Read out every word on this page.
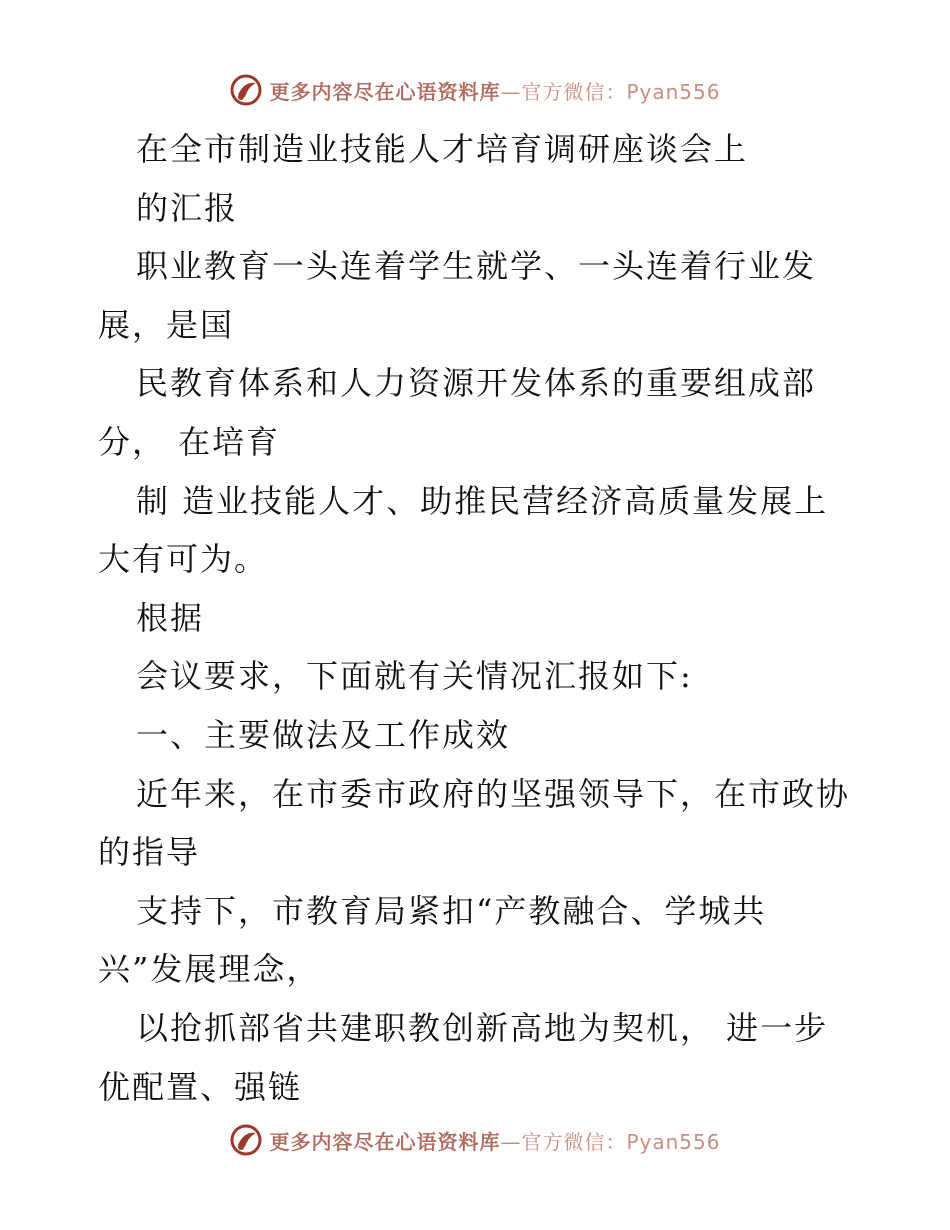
更多内容尽在心语资料库—官方微信：Pyan556
在全市制造业技能人才培育调研座谈会上
的汇报
职业教育一头连着学生就学、一头连着行业发
展，是国
民教育体系和人力资源开发体系的重要组成部
分， 在培育
制 造业技能人才、助推民营经济高质量发展上
大有可为。
根据
会议要求，下面就有关情况汇报如下:
一、主要做法及工作成效
近年来，在市委市政府的坚强领导下，在市政协
的指导
支持下，市教育局紧扣“产教融合、学城共
兴”发展理念，
以抢抓部省共建职教创新高地为契机， 进一步
优配置、强链
更多内容尽在心语资料库—官方微信：Pyan556
